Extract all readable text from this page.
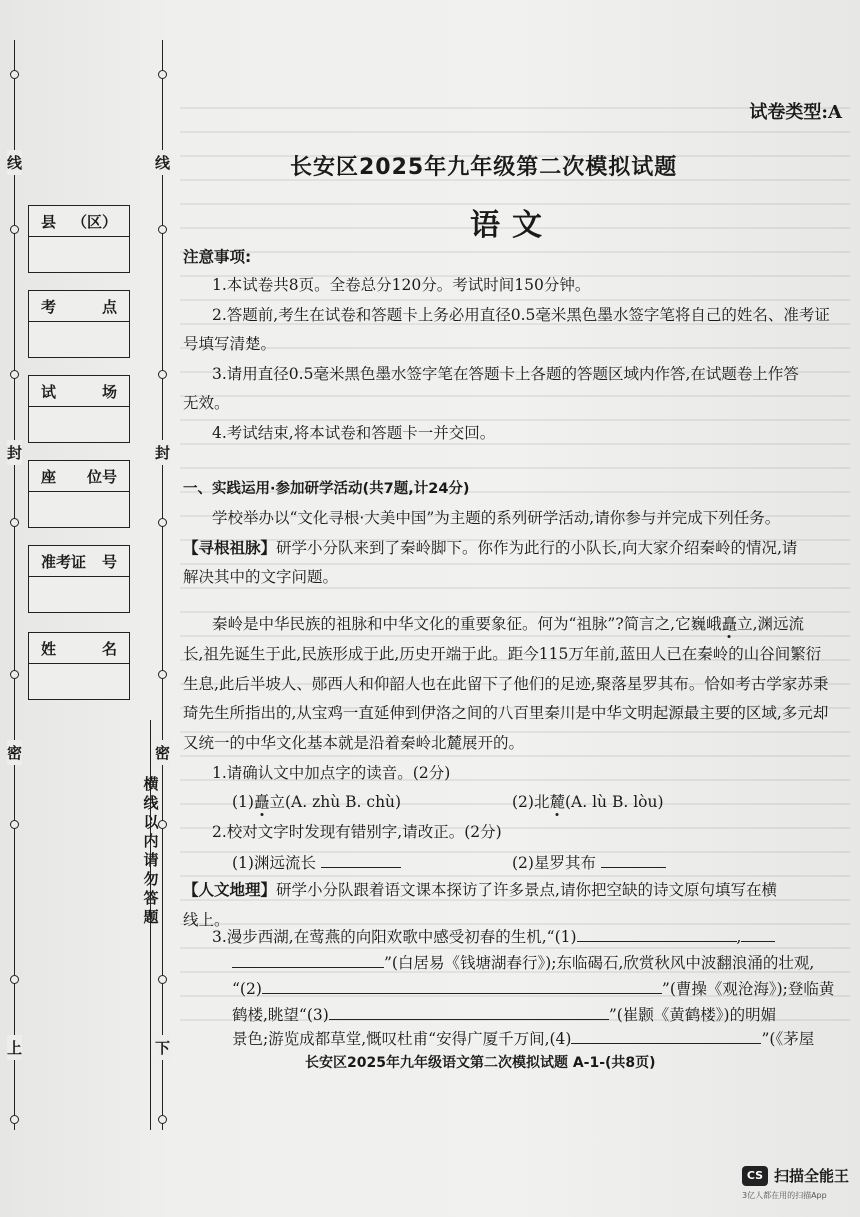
线
封
密
上
线
封
密
下
县 （区）
考	点
试	场
座 位号
准考证 号
姓	名
横线以内请勿答题
试卷类型:A
长安区2025年九年级第二次模拟试题
语文
注意事项:
1.本试卷共8页。全卷总分120分。考试时间150分钟。
2.答题前,考生在试卷和答题卡上务必用直径0.5毫米黑色墨水签字笔将自己的姓名、准考证
号填写清楚。
3.请用直径0.5毫米黑色墨水签字笔在答题卡上各题的答题区域内作答,在试题卷上作答
无效。
4.考试结束,将本试卷和答题卡一并交回。
一、实践运用·参加研学活动(共7题,计24分)
学校举办以“文化寻根·大美中国”为主题的系列研学活动,请你参与并完成下列任务。
【寻根祖脉】研学小分队来到了秦岭脚下。你作为此行的小队长,向大家介绍秦岭的情况,请
解决其中的文字问题。
秦岭是中华民族的祖脉和中华文化的重要象征。何为“祖脉”?简言之,它巍峨矗立,渊远流
长,祖先诞生于此,民族形成于此,历史开端于此。距今115万年前,蓝田人已在秦岭的山谷间繁衍
生息,此后半坡人、郧西人和仰韶人也在此留下了他们的足迹,聚落星罗其布。恰如考古学家苏秉
琦先生所指出的,从宝鸡一直延伸到伊洛之间的八百里秦川是中华文明起源最主要的区域,多元却
又统一的中华文化基本就是沿着秦岭北麓展开的。
1.请确认文中加点字的读音。(2分)
(1)矗立(A. zhù B. chù)	(2)北麓(A. lù B. lòu)
2.校对文字时发现有错别字,请改正。(2分)
(1)渊远流长	(2)星罗其布
【人文地理】研学小分队跟着语文课本探访了许多景点,请你把空缺的诗文原句填写在横
线上。
3.漫步西湖,在莺燕的向阳欢歌中感受初春的生机,“(1)	,
”(白居易《钱塘湖春行》);东临碣石,欣赏秋风中波翻浪涌的壮观,
“(2)	”(曹操《观沧海》);登临黄
鹤楼,眺望“(3)	”(崔颢《黄鹤楼》)的明媚
长安区2025年九年级语文第二次模拟试题 A-1-(共8页)
CS 扫描全能王
3亿人都在用的扫描App
景色;游览成都草堂,慨叹杜甫“安得广厦千万间,(4)	”(《茅屋
